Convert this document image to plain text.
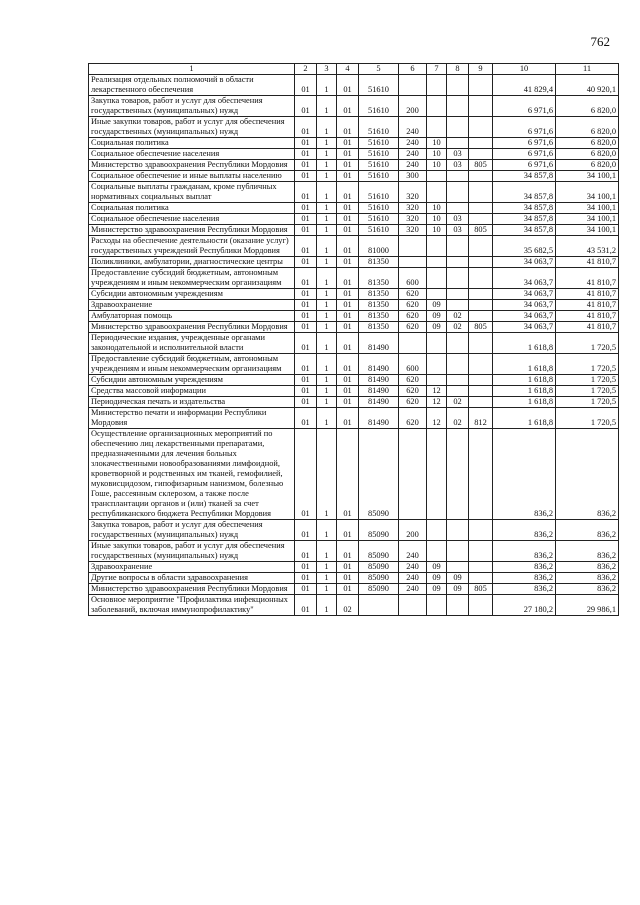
762
1	2	3	4	5	6	7	8	9	10	11
Реализация отдельных полномочий в области лекарственного обеспечения	01	1	01	51610					41 829,4	40 920,1
Закупка товаров, работ и услуг для обеспечения государственных (муниципальных) нужд	01	1	01	51610	200				6 971,6	6 820,0
Иные закупки товаров, работ и услуг для обеспечения государственных (муниципальных) нужд	01	1	01	51610	240				6 971,6	6 820,0
Социальная политика	01	1	01	51610	240	10			6 971,6	6 820,0
Социальное обеспечение населения	01	1	01	51610	240	10	03		6 971,6	6 820,0
Министерство здравоохранения Республики Мордовия	01	1	01	51610	240	10	03	805	6 971,6	6 820,0
Социальное обеспечение и иные выплаты населению	01	1	01	51610	300				34 857,8	34 100,1
Социальные выплаты гражданам, кроме публичных нормативных социальных выплат	01	1	01	51610	320				34 857,8	34 100,1
Социальная политика	01	1	01	51610	320	10			34 857,8	34 100,1
Социальное обеспечение населения	01	1	01	51610	320	10	03		34 857,8	34 100,1
Министерство здравоохранения Республики Мордовия	01	1	01	51610	320	10	03	805	34 857,8	34 100,1
Расходы на обеспечение деятельности (оказание услуг) государственных учреждений Республики Мордовия	01	1	01	81000					35 682,5	43 531,2
Поликлиники, амбулатории, диагностические центры	01	1	01	81350					34 063,7	41 810,7
Предоставление субсидий бюджетным, автономным учреждениям и иным некоммерческим организациям	01	1	01	81350	600				34 063,7	41 810,7
Субсидии автономным учреждениям	01	1	01	81350	620				34 063,7	41 810,7
Здравоохранение	01	1	01	81350	620	09			34 063,7	41 810,7
Амбулаторная помощь	01	1	01	81350	620	09	02		34 063,7	41 810,7
Министерство здравоохранения Республики Мордовия	01	1	01	81350	620	09	02	805	34 063,7	41 810,7
Периодические издания, учрежденные органами законодательной и исполнительной власти	01	1	01	81490					1 618,8	1 720,5
Предоставление субсидий бюджетным, автономным учреждениям и иным некоммерческим организациям	01	1	01	81490	600				1 618,8	1 720,5
Субсидии автономным учреждениям	01	1	01	81490	620				1 618,8	1 720,5
Средства массовой информации	01	1	01	81490	620	12			1 618,8	1 720,5
Периодическая печать и издательства	01	1	01	81490	620	12	02		1 618,8	1 720,5
Министерство печати и информации Республики Мордовия	01	1	01	81490	620	12	02	812	1 618,8	1 720,5
Осуществление организационных мероприятий по обеспечению лиц лекарственными препаратами, предназначенными для лечения больных злокачественными новообразованиями лимфоидной, кроветворной и родственных им тканей, гемофилией, муковисцидозом, гипофизарным нанизмом, болезнью Гоше, рассеянным склерозом, а также после трансплантации органов и (или) тканей за счет республиканского бюджета Республики Мордовия	01	1	01	85090					836,2	836,2
Закупка товаров, работ и услуг для обеспечения государственных (муниципальных) нужд	01	1	01	85090	200				836,2	836,2
Иные закупки товаров, работ и услуг для обеспечения государственных (муниципальных) нужд	01	1	01	85090	240				836,2	836,2
Здравоохранение	01	1	01	85090	240	09			836,2	836,2
Другие вопросы в области здравоохранения	01	1	01	85090	240	09	09		836,2	836,2
Министерство здравоохранения Республики Мордовия	01	1	01	85090	240	09	09	805	836,2	836,2
Основное мероприятие "Профилактика инфекционных заболеваний, включая иммунопрофилактику"	01	1	02						27 180,2	29 986,1
